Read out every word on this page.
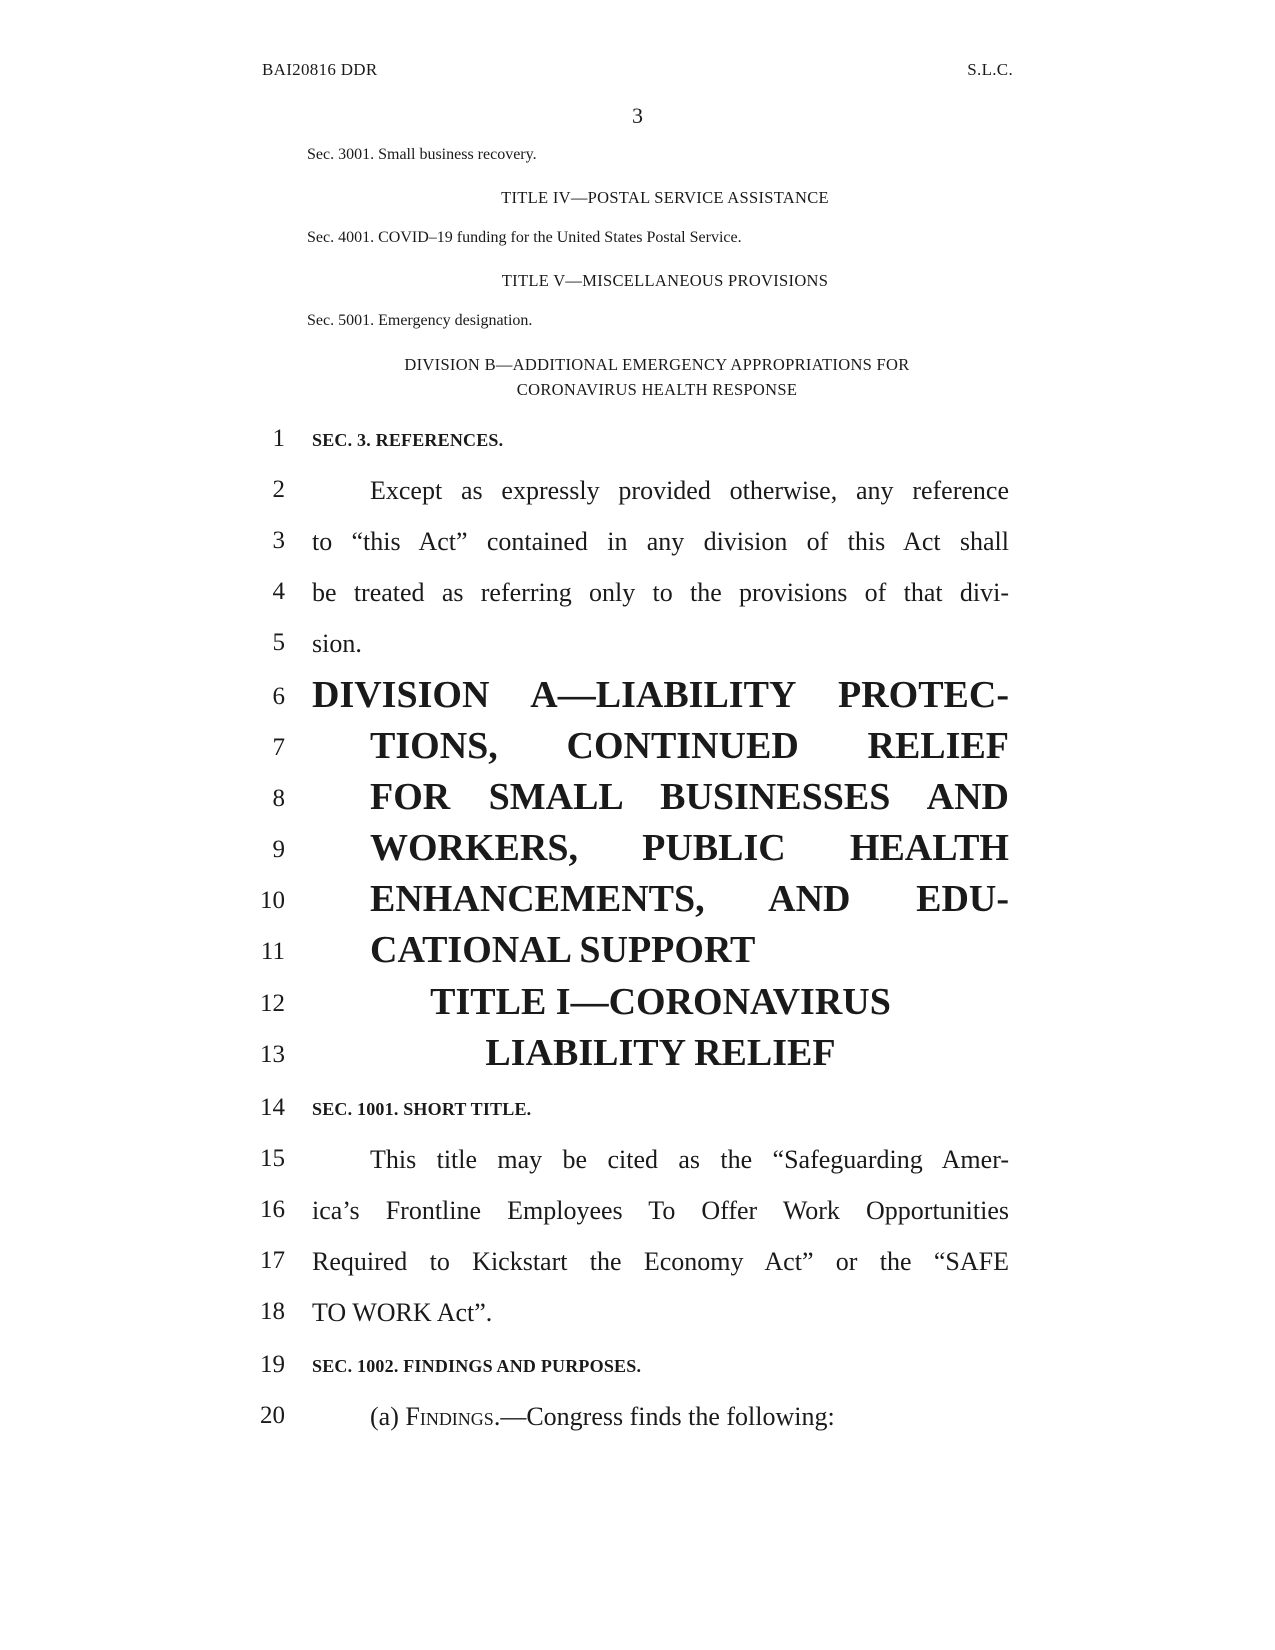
BAI20816 DDR	S.L.C.
3
Sec. 3001. Small business recovery.
TITLE IV—POSTAL SERVICE ASSISTANCE
Sec. 4001. COVID–19 funding for the United States Postal Service.
TITLE V—MISCELLANEOUS PROVISIONS
Sec. 5001. Emergency designation.
DIVISION B—ADDITIONAL EMERGENCY APPROPRIATIONS FOR
CORONAVIRUS HEALTH RESPONSE
1
2
3
4
5
6
7
8
9
10
11
12
13
14
15
16
17
18
19
20
SEC. 3. REFERENCES.
Except as expressly provided otherwise, any reference
to “this Act” contained in any division of this Act shall
be treated as referring only to the provisions of that divi-
sion.
DIVISION A—LIABILITY PROTEC-
TIONS, CONTINUED RELIEF
FOR SMALL BUSINESSES AND
WORKERS, PUBLIC HEALTH
ENHANCEMENTS, AND EDU-
CATIONAL SUPPORT
TITLE I—CORONAVIRUS
LIABILITY RELIEF
SEC. 1001. SHORT TITLE.
This title may be cited as the “Safeguarding Amer-
ica’s Frontline Employees To Offer Work Opportunities
Required to Kickstart the Economy Act” or the “SAFE
TO WORK Act”.
SEC. 1002. FINDINGS AND PURPOSES.
(a) Findings.—Congress finds the following:
